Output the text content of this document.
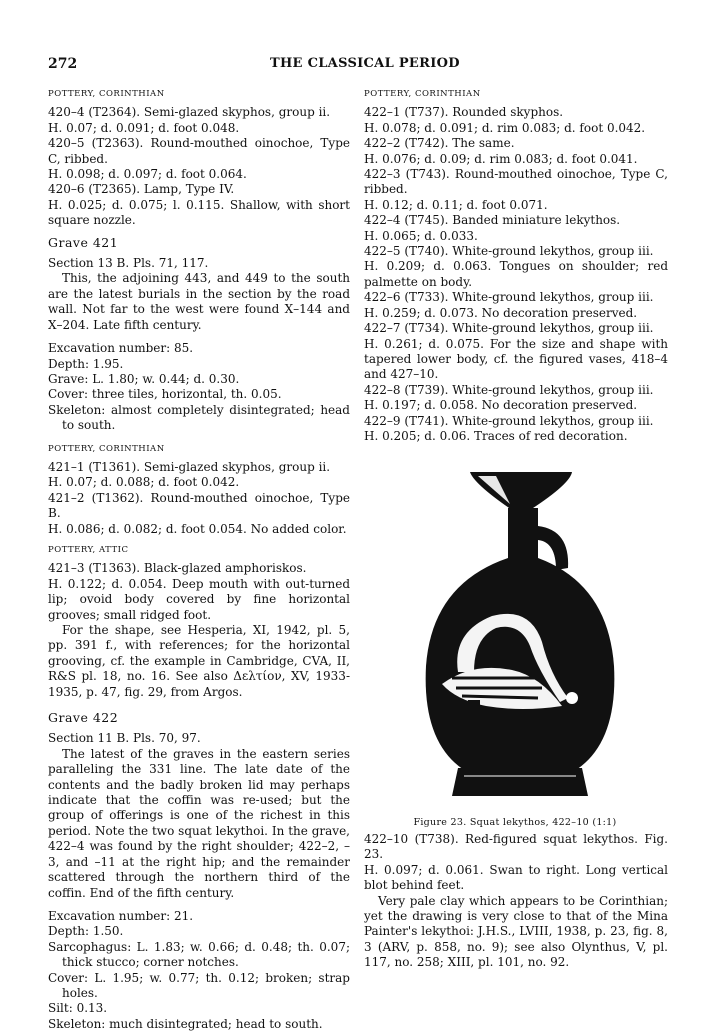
272	THE CLASSICAL PERIOD
POTTERY, CORINTHIAN

420–4 (T2364). Semi-glazed skyphos, group ii.

H. 0.07; d. 0.091; d. foot 0.048.

420–5 (T2363). Round-mouthed oinochoe, Type C, ribbed.

H. 0.098; d. 0.097; d. foot 0.064.

420–6 (T2365). Lamp, Type IV.

H. 0.025; d. 0.075; l. 0.115. Shallow, with short square nozzle.

Grave 421

Section 13 B. Pls. 71, 117.

This, the adjoining 443, and 449 to the south are the latest burials in the section by the road wall. Not far to the west were found X–144 and X–204. Late fifth century.

Excavation number: 85.

Depth: 1.95.

Grave: L. 1.80; w. 0.44; d. 0.30.

Cover: three tiles, horizontal, th. 0.05.

Skeleton: almost completely disintegrated; head to south.

POTTERY, CORINTHIAN

421–1 (T1361). Semi-glazed skyphos, group ii.

H. 0.07; d. 0.088; d. foot 0.042.

421–2 (T1362). Round-mouthed oinochoe, Type B.

H. 0.086; d. 0.082; d. foot 0.054. No added color.

POTTERY, ATTIC

421–3 (T1363). Black-glazed amphoriskos.

H. 0.122; d. 0.054. Deep mouth with out-turned lip; ovoid body covered by fine horizontal grooves; small ridged foot.

For the shape, see Hesperia, XI, 1942, pl. 5, pp. 391 f., with references; for the horizontal grooving, cf. the example in Cambridge, CVA, II, R&S pl. 18, no. 16. See also Δελτίον, XV, 1933-1935, p. 47, fig. 29, from Argos.

Grave 422

Section 11 B. Pls. 70, 97.

The latest of the graves in the eastern series paralleling the 331 line. The late date of the contents and the badly broken lid may perhaps indicate that the coffin was re-used; but the group of offerings is one of the richest in this period. Note the two squat lekythoi. In the grave, 422–4 was found by the right shoulder; 422–2, –3, and –11 at the right hip; and the remainder scattered through the northern third of the coffin. End of the fifth century.

Excavation number: 21.

Depth: 1.50.

Sarcophagus: L. 1.83; w. 0.66; d. 0.48; th. 0.07; thick stucco; corner notches.

Cover: L. 1.95; w. 0.77; th. 0.12; broken; strap holes.

Silt: 0.13.

Skeleton: much disintegrated; head to south.

POTTERY, CORINTHIAN

422–1 (T737). Rounded skyphos.

H. 0.078; d. 0.091; d. rim 0.083; d. foot 0.042.

422–2 (T742). The same.

H. 0.076; d. 0.09; d. rim 0.083; d. foot 0.041.

422–3 (T743). Round-mouthed oinochoe, Type C, ribbed.

H. 0.12; d. 0.11; d. foot 0.071.

422–4 (T745). Banded miniature lekythos.

H. 0.065; d. 0.033.

422–5 (T740). White-ground lekythos, group iii.

H. 0.209; d. 0.063. Tongues on shoulder; red palmette on body.

422–6 (T733). White-ground lekythos, group iii.

H. 0.259; d. 0.073. No decoration preserved.

422–7 (T734). White-ground lekythos, group iii.

H. 0.261; d. 0.075. For the size and shape with tapered lower body, cf. the figured vases, 418–4 and 427–10.

422–8 (T739). White-ground lekythos, group iii.

H. 0.197; d. 0.058. No decoration preserved.

422–9 (T741). White-ground lekythos, group iii.

H. 0.205; d. 0.06. Traces of red decoration.

Figure 23. Squat lekythos, 422–10 (1:1)

422–10 (T738). Red-figured squat lekythos. Fig. 23.

H. 0.097; d. 0.061. Swan to right. Long vertical blot behind feet.

Very pale clay which appears to be Corinthian; yet the drawing is very close to that of the Mina Painter's lekythoi: J.H.S., LVIII, 1938, p. 23, fig. 8, 3 (ARV, p. 858, no. 9); see also Olynthus, V, pl. 117, no. 258; XIII, pl. 101, no. 92.
